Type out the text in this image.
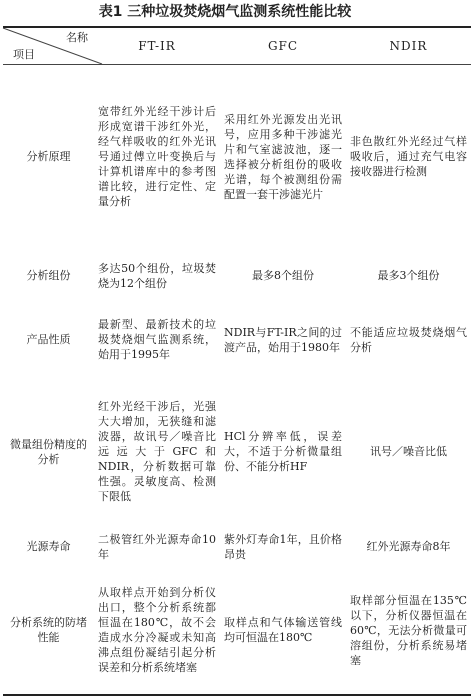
表1 三种垃圾焚烧烟气监测系统性能比较
名称
项目	FT-IR	GFC	NDIR
分析原理	宽带红外光经干涉计后形成宽谱干涉红外光，经气样吸收的红外光讯号通过傅立叶变换后与计算机谱库中的参考图谱比较，进行定性、定量分析	采用红外光源发出光讯号，应用多种干涉滤光片和气室滤波池，逐一选择被分析组份的吸收光谱，每个被测组份需配置一套干涉滤光片	非色散红外光经过气样吸收后，通过充气电容接收器进行检测
分析组份	多达50个组份，垃圾焚烧为12个组份	最多8个组份	最多3个组份
产品性质	最新型、最新技术的垃圾焚烧烟气监测系统，始用于1995年	NDIR与FT-IR之间的过渡产品，始用于1980年	不能适应垃圾焚烧烟气分析
微量组份精度的分析	红外光经干涉后，光强大大增加，无狭缝和滤波器，故讯号／噪音比远远大于GFC和NDIR，分析数据可靠性强。灵敏度高、检测下限低	HCl分辨率低，误差大，不适于分析微量组份、不能分析HF	讯号／噪音比低
光源寿命	二极管红外光源寿命10年	紫外灯寿命1年，且价格昂贵	红外光源寿命8年
分析系统的防堵性能	从取样点开始到分析仪出口，整个分析系统都恒温在180℃，故不会造成水分冷凝或未知高沸点组份凝结引起分析误差和分析系统堵塞	取样点和气体输送管线均可恒温在180℃	取样部分恒温在135℃以下，分析仪器恒温在60℃，无法分析微量可溶组份，分析系统易堵塞
